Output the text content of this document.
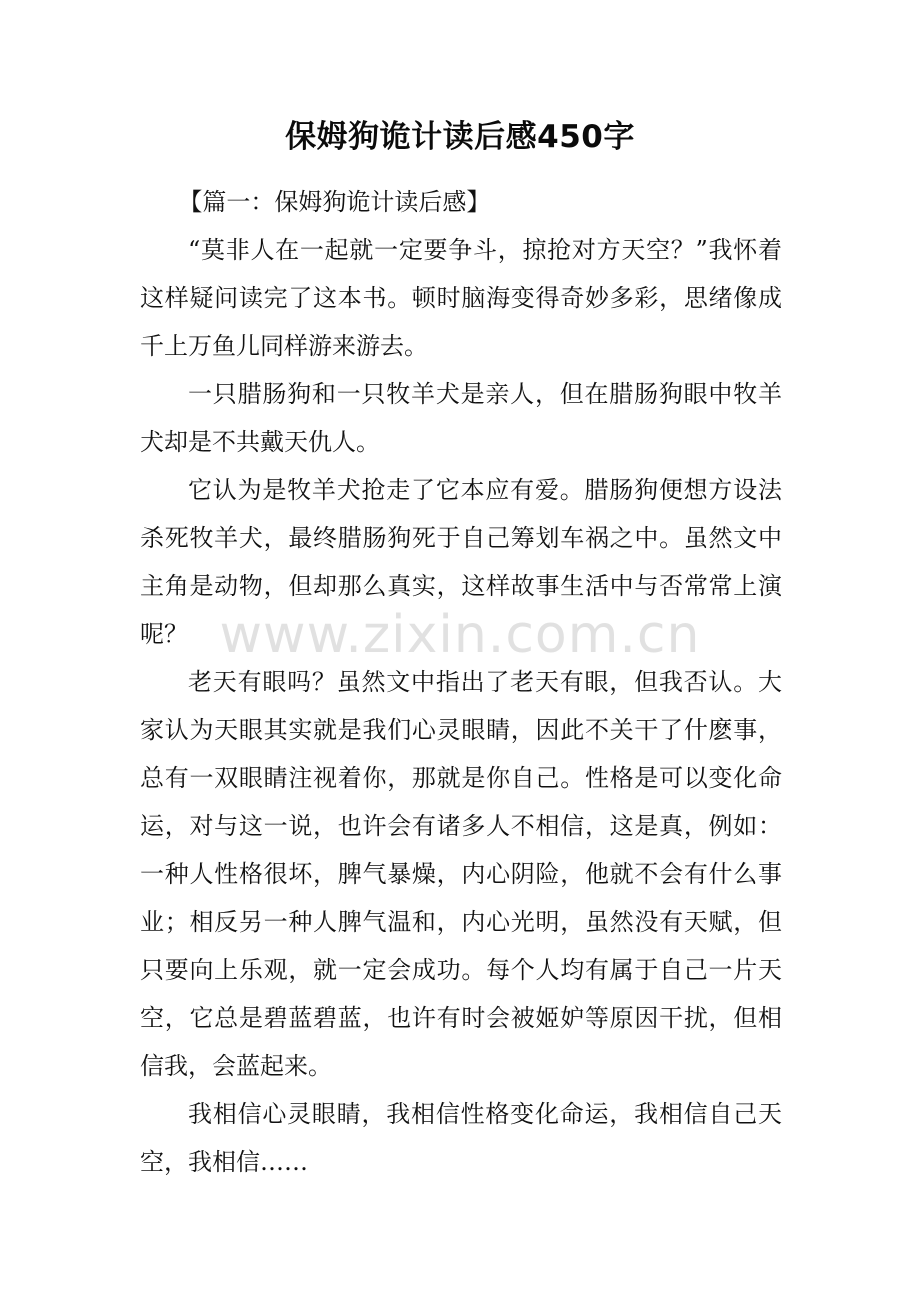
保姆狗诡计读后感450字

【篇一：保姆狗诡计读后感】

“莫非人在一起就一定要争斗，掠抢对方天空？”我怀着这样疑问读完了这本书。顿时脑海变得奇妙多彩，思绪像成千上万鱼儿同样游来游去。

一只腊肠狗和一只牧羊犬是亲人，但在腊肠狗眼中牧羊犬却是不共戴天仇人。

它认为是牧羊犬抢走了它本应有爱。腊肠狗便想方设法杀死牧羊犬，最终腊肠狗死于自己筹划车祸之中。虽然文中主角是动物，但却那么真实，这样故事生活中与否常常上演呢？

老天有眼吗？虽然文中指出了老天有眼，但我否认。大家认为天眼其实就是我们心灵眼睛，因此不关干了什麽事，总有一双眼睛注视着你，那就是你自己。性格是可以变化命运，对与这一说，也许会有诸多人不相信，这是真，例如：一种人性格很坏，脾气暴燥，内心阴险，他就不会有什么事业；相反另一种人脾气温和，内心光明，虽然没有天赋，但只要向上乐观，就一定会成功。每个人均有属于自己一片天空，它总是碧蓝碧蓝，也许有时会被姬妒等原因干扰，但相信我，会蓝起来。

我相信心灵眼睛，我相信性格变化命运，我相信自己天空，我相信……

www.zixin.com.cn
